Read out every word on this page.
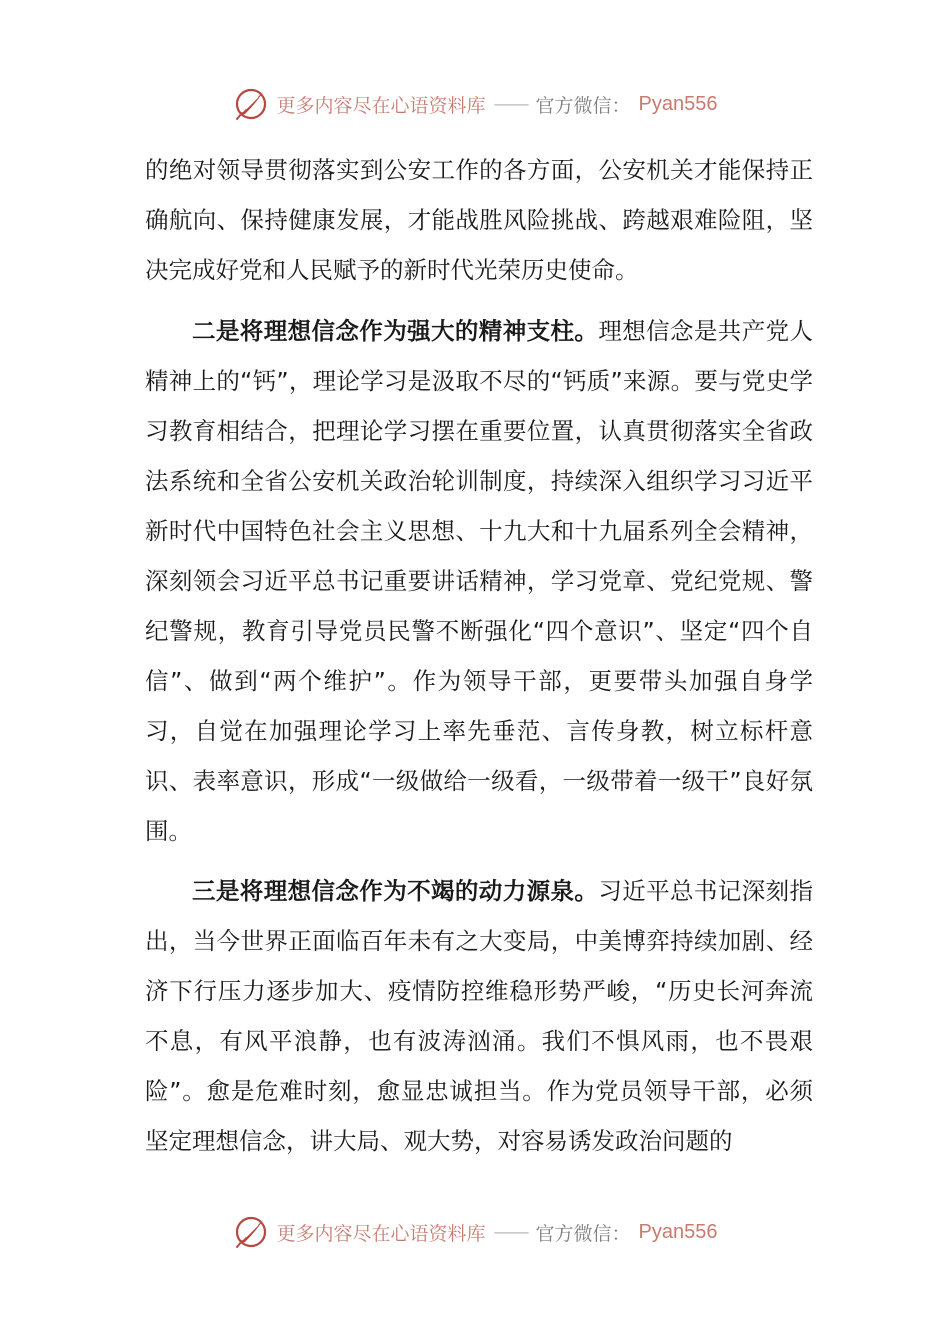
更多内容尽在心语资料库 —— 官方微信： Pyan556

的绝对领导贯彻落实到公安工作的各方面，公安机关才能保持正确航向、保持健康发展，才能战胜风险挑战、跨越艰难险阻，坚决完成好党和人民赋予的新时代光荣历史使命。

二是将理想信念作为强大的精神支柱。理想信念是共产党人精神上的“钙”，理论学习是汲取不尽的“钙质”来源。要与党史学习教育相结合，把理论学习摆在重要位置，认真贯彻落实全省政法系统和全省公安机关政治轮训制度，持续深入组织学习习近平新时代中国特色社会主义思想、十九大和十九届系列全会精神，深刻领会习近平总书记重要讲话精神，学习党章、党纪党规、警纪警规，教育引导党员民警不断强化“四个意识”、坚定“四个自信”、做到“两个维护”。作为领导干部，更要带头加强自身学习，自觉在加强理论学习上率先垂范、言传身教，树立标杆意识、表率意识，形成“一级做给一级看，一级带着一级干”良好氛围。

三是将理想信念作为不竭的动力源泉。习近平总书记深刻指出，当今世界正面临百年未有之大变局，中美博弈持续加剧、经济下行压力逐步加大、疫情防控维稳形势严峻，“历史长河奔流不息，有风平浪静，也有波涛汹涌。我们不惧风雨，也不畏艰险”。愈是危难时刻，愈显忠诚担当。作为党员领导干部，必须坚定理想信念，讲大局、观大势，对容易诱发政治问题的

更多内容尽在心语资料库 —— 官方微信： Pyan556
